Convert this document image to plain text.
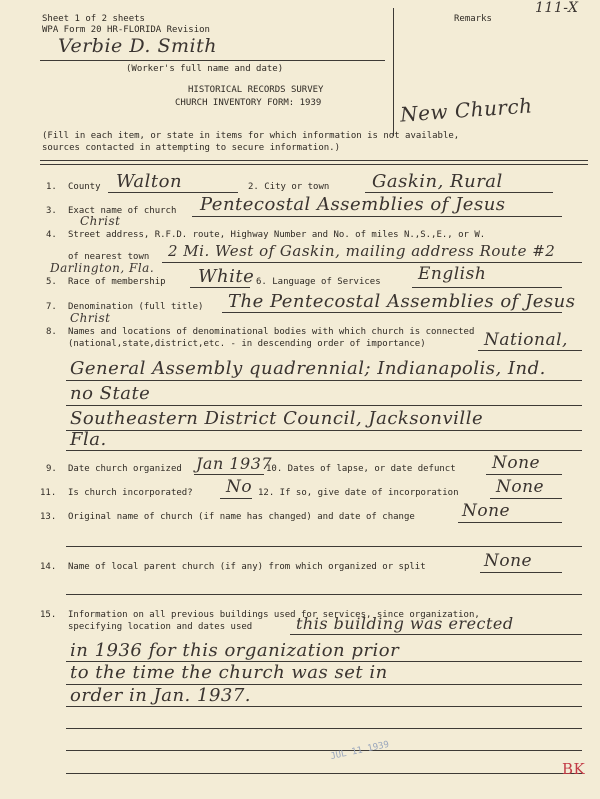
Sheet 1 of 2 sheets
WPA Form 20 HR-FLORIDA Revision
Verbie D. Smith
(Worker's full name and date)
HISTORICAL RECORDS SURVEY
CHURCH INVENTORY FORM: 1939
Remarks
111-X
New Church
(Fill in each item, or state in items for which information is not available,
sources contacted in attempting to secure information.)
1. County Walton	2. City or town Gaskin, Rural
3. Exact name of church Pentecostal Assemblies of Jesus
Christ
4. Street address, R.F.D. route, Highway Number and No. of miles N.,S.,E., or W.
of nearest town 2 Mi. West of Gaskin, mailing address Route #2
Darlington, Fla.
5. Race of membership White 6. Language of Services English
7. Denomination (full title) The Pentecostal Assemblies of Jesus
Christ
8. Names and locations of denominational bodies with which church is connected
(national,state,district,etc. - in descending order of importance)	National,
General Assembly quadrennial; Indianapolis, Ind.
no State
Southeastern District Council, Jacksonville
Fla.
9. Date church organized Jan 1937
10. Dates of lapse, or date defunct None
11. Is church incorporated? No 12. If so, give date of incorporation None
13. Original name of church (if name has changed) and date of change	None
14. Name of local parent church (if any) from which organized or split	None
15. Information on all previous buildings used for services, since organization,
specifying location and dates used	this building was erected
in 1936 for this organization prior
to the time the church was set in
order in Jan. 1937.
JUL 11 1939
BK
